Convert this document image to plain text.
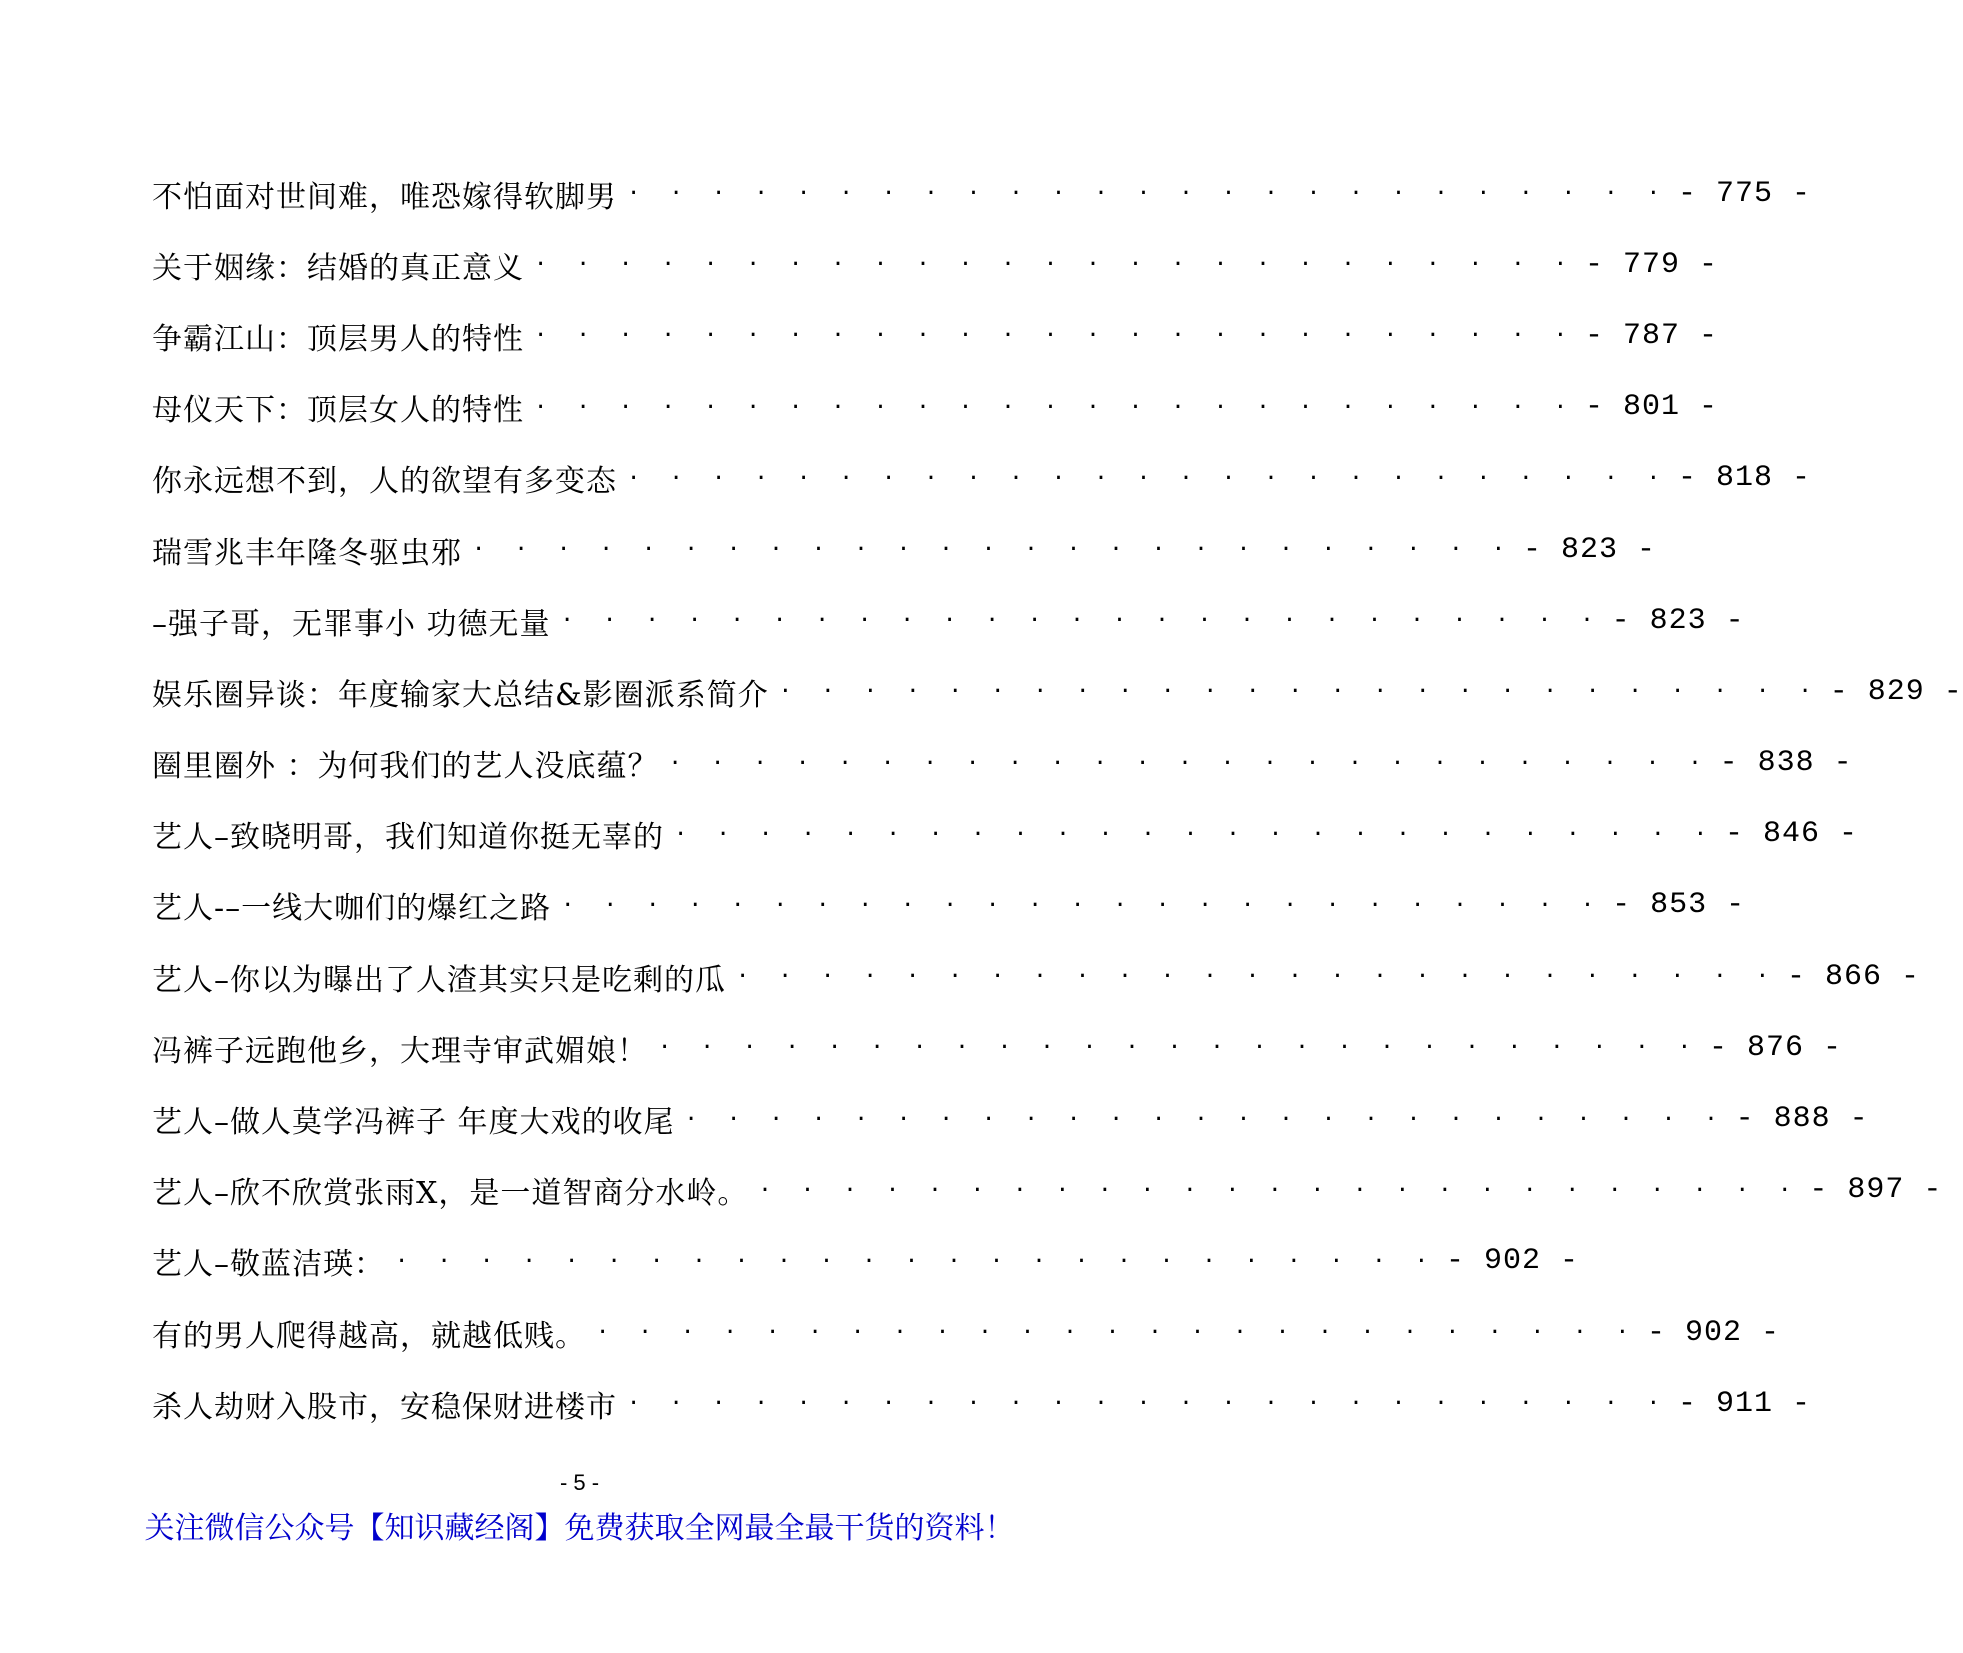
不怕面对世间难，唯恐嫁得软脚男 · · · · · · · · · · · · · · · · · · · · · · · · · - 775 -
关于姻缘：结婚的真正意义 · · · · · · · · · · · · · · · · · · · · · · · · · - 779 -
争霸江山：顶层男人的特性 · · · · · · · · · · · · · · · · · · · · · · · · · - 787 -
母仪天下：顶层女人的特性 · · · · · · · · · · · · · · · · · · · · · · · · · - 801 -
你永远想不到，人的欲望有多变态 · · · · · · · · · · · · · · · · · · · · · · · · · - 818 -
瑞雪兆丰年隆冬驱虫邪 · · · · · · · · · · · · · · · · · · · · · · · · · - 823 -
–强子哥，无罪事小 功德无量 · · · · · · · · · · · · · · · · · · · · · · · · · - 823 -
娱乐圈异谈：年度输家大总结&影圈派系简介 · · · · · · · · · · · · · · · · · · · · · · · · · - 829 -
圈里圈外 ：为何我们的艺人没底蕴？ · · · · · · · · · · · · · · · · · · · · · · · · · - 838 -
艺人–致晓明哥，我们知道你挺无辜的 · · · · · · · · · · · · · · · · · · · · · · · · · - 846 -
艺人-–一线大咖们的爆红之路 · · · · · · · · · · · · · · · · · · · · · · · · · - 853 -
艺人–你以为曝出了人渣其实只是吃剩的瓜 · · · · · · · · · · · · · · · · · · · · · · · · · - 866 -
冯裤子远跑他乡，大理寺审武媚娘！ · · · · · · · · · · · · · · · · · · · · · · · · · - 876 -
艺人–做人莫学冯裤子 年度大戏的收尾 · · · · · · · · · · · · · · · · · · · · · · · · · - 888 -
艺人–欣不欣赏张雨X，是一道智商分水岭。 · · · · · · · · · · · · · · · · · · · · · · · · · - 897 -
艺人–敬蓝洁瑛： · · · · · · · · · · · · · · · · · · · · · · · · · - 902 -
有的男人爬得越高，就越低贱。 · · · · · · · · · · · · · · · · · · · · · · · · · - 902 -
杀人劫财入股市，安稳保财进楼市 · · · · · · · · · · · · · · · · · · · · · · · · · - 911 -
- 5 -
关注微信公众号【知识藏经阁】免费获取全网最全最干货的资料！
